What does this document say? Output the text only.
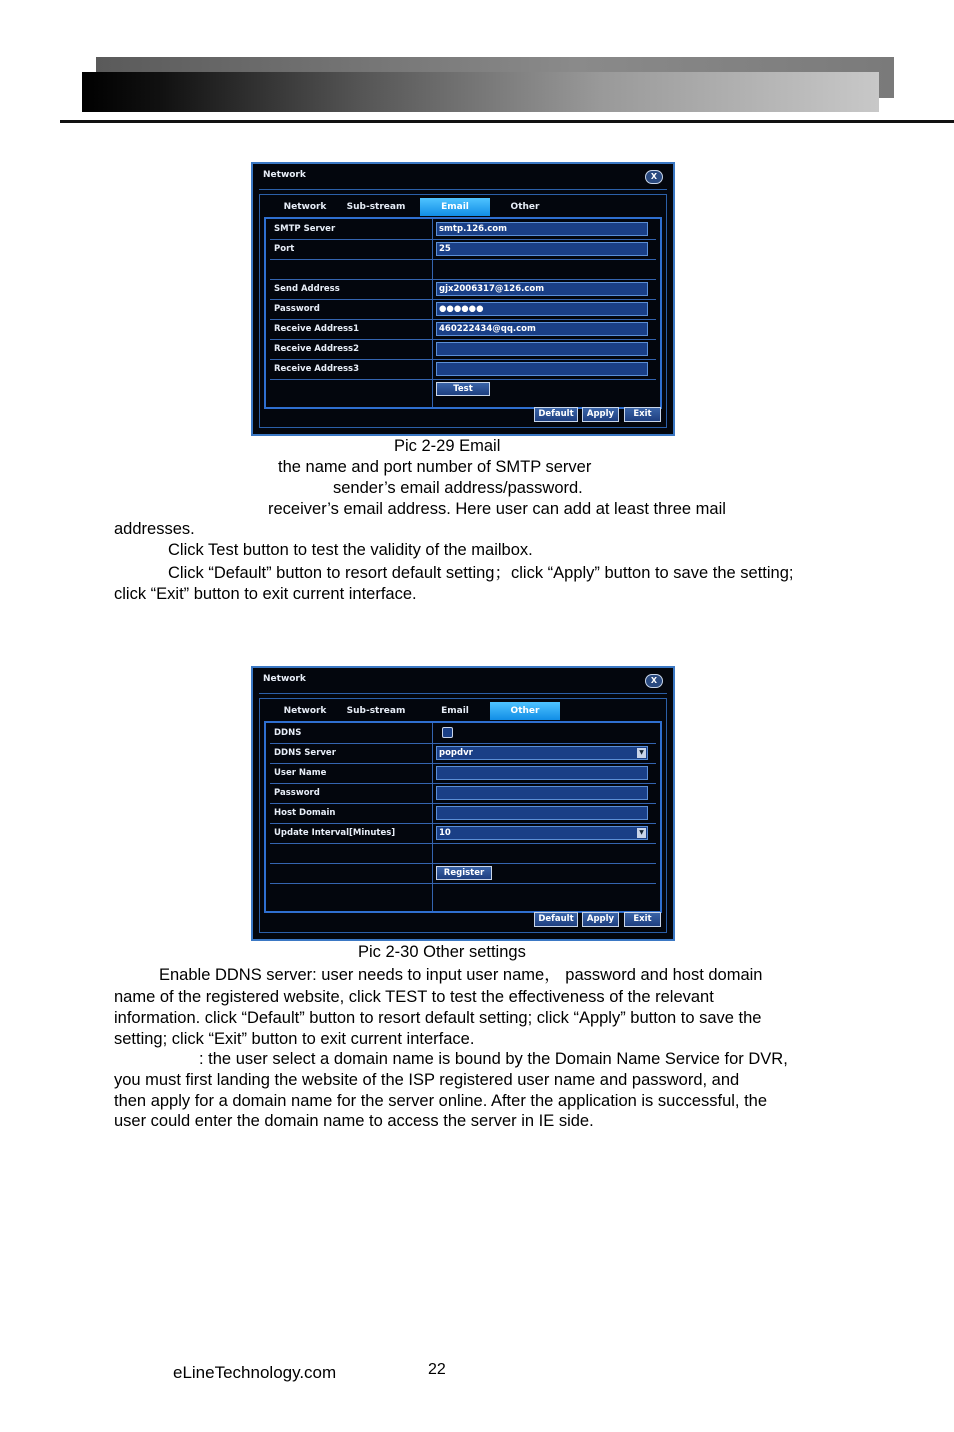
Network	X
Network	Sub-stream	Email	Other
SMTP Server	smtp.126.com
Port	25
Send Address	gjx2006317@126.com
Password	●●●●●●
Receive Address1	460222434@qq.com
Receive Address2
Receive Address3
Test
Default	Apply	Exit
Pic 2-29 Email
the name and port number of SMTP server
sender’s email address/password.
receiver’s email address. Here user can add at least three mail
addresses.
Click Test button to test the validity of the mailbox.
Click “Default” button to resort default setting；click “Apply” button to save the setting;
click “Exit” button to exit current interface.
Network	X
Network	Sub-stream	Email	Other
DDNS
DDNS Server	popdvr	▼
User Name
Password
Host Domain
Update Interval[Minutes]	10	▼
Register
Default	Apply	Exit
Pic 2-30 Other settings
Enable DDNS server: user needs to input user name， password and host domain
name of the registered website, click TEST to test the effectiveness of the relevant
information. click “Default” button to resort default setting; click “Apply” button to save the
setting; click “Exit” button to exit current interface.
: the user select a domain name is bound by the Domain Name Service for DVR,
you must first landing the website of the ISP registered user name and password, and
then apply for a domain name for the server online. After the application is successful, the
user could enter the domain name to access the server in IE side.
eLineTechnology.com	22
